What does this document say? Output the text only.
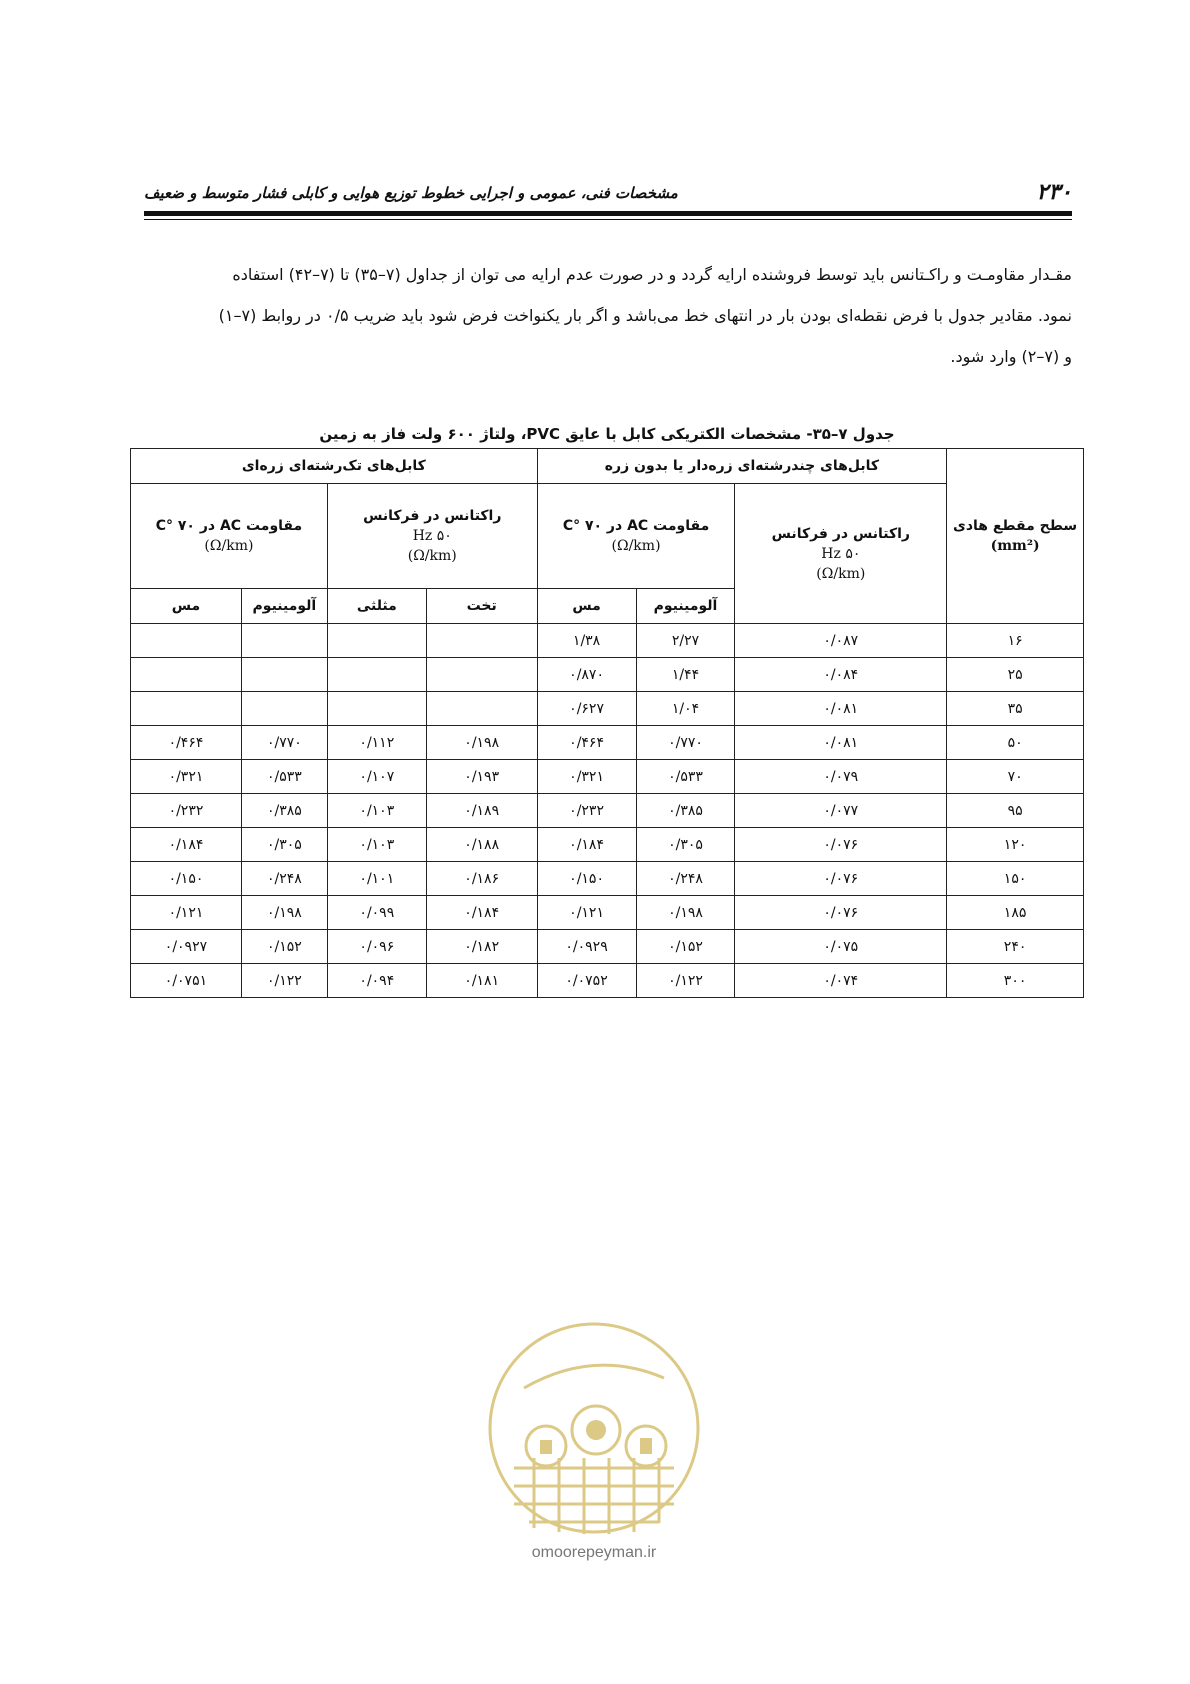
۲۳۰
مشخصات فنی، عمومی و اجرایی خطوط توزیع هوایی و کابلی فشار متوسط و ضعیف
مقـدار مقاومـت و راکـتانس باید توسط فروشنده ارایه گردد و در صورت عدم ارایه می توان از جداول (۷–۳۵) تا (۷–۴۲) استفاده
نمود. مقادیر جدول با فرض نقطه‌ای بودن بار در انتهای خط می‌باشد و اگر بار یکنواخت فرض شود باید ضریب ۰/۵ در روابط (۷–۱)
و (۷–۲) وارد شود.
جدول ۷–۳۵- مشخصات الکتریکی کابل با عایق PVC، ولتاژ ۶۰۰ ولت فاز به زمین
سطح مقطع هادی
(mm²)	کابل‌های چندرشته‌ای زره‌دار یا بدون زره			کابل‌های تک‌رشته‌ای زره‌ای			

	راکتانس در فرکانس
۵۰ Hz
(Ω/km)	مقاومت AC در ۷۰ °C
(Ω/km)		راکتانس در فرکانس
۵۰ Hz
(Ω/km)		مقاومت AC در ۷۰ °C
(Ω/km)	

		آلومینیوم	مس	تخت	مثلثی	آلومینیوم	مس
۱۶	۰/۰۸۷	۲/۲۷	۱/۳۸				
۲۵	۰/۰۸۴	۱/۴۴	۰/۸۷۰				
۳۵	۰/۰۸۱	۱/۰۴	۰/۶۲۷				
۵۰	۰/۰۸۱	۰/۷۷۰	۰/۴۶۴	۰/۱۹۸	۰/۱۱۲	۰/۷۷۰	۰/۴۶۴
۷۰	۰/۰۷۹	۰/۵۳۳	۰/۳۲۱	۰/۱۹۳	۰/۱۰۷	۰/۵۳۳	۰/۳۲۱
۹۵	۰/۰۷۷	۰/۳۸۵	۰/۲۳۲	۰/۱۸۹	۰/۱۰۳	۰/۳۸۵	۰/۲۳۲
۱۲۰	۰/۰۷۶	۰/۳۰۵	۰/۱۸۴	۰/۱۸۸	۰/۱۰۳	۰/۳۰۵	۰/۱۸۴
۱۵۰	۰/۰۷۶	۰/۲۴۸	۰/۱۵۰	۰/۱۸۶	۰/۱۰۱	۰/۲۴۸	۰/۱۵۰
۱۸۵	۰/۰۷۶	۰/۱۹۸	۰/۱۲۱	۰/۱۸۴	۰/۰۹۹	۰/۱۹۸	۰/۱۲۱
۲۴۰	۰/۰۷۵	۰/۱۵۲	۰/۰۹۲۹	۰/۱۸۲	۰/۰۹۶	۰/۱۵۲	۰/۰۹۲۷
۳۰۰	۰/۰۷۴	۰/۱۲۲	۰/۰۷۵۲	۰/۱۸۱	۰/۰۹۴	۰/۱۲۲	۰/۰۷۵۱
omoorepeyman.ir
